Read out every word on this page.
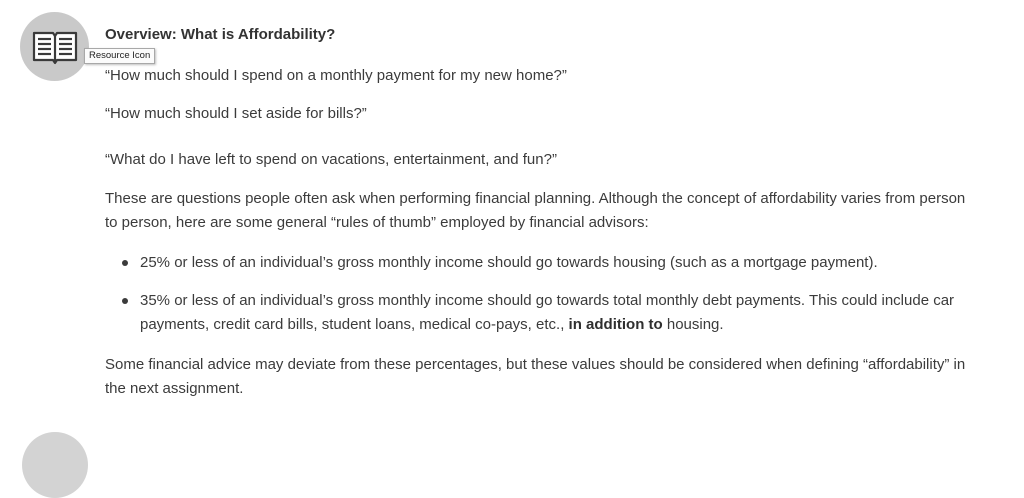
Resource Icon
Overview: What is Affordability?

“How much should I spend on a monthly payment for my new home?”

“How much should I set aside for bills?”

“What do I have left to spend on vacations, entertainment, and fun?”

These are questions people often ask when performing financial planning. Although the concept of affordability varies from person to person, here are some general “rules of thumb” employed by financial advisors:

25% or less of an individual’s gross monthly income should go towards housing (such as a mortgage payment).
35% or less of an individual’s gross monthly income should go towards total monthly debt payments. This could include car payments, credit card bills, student loans, medical co-pays, etc., in addition to housing.

Some financial advice may deviate from these percentages, but these values should be considered when defining “affordability” in the next assignment.
